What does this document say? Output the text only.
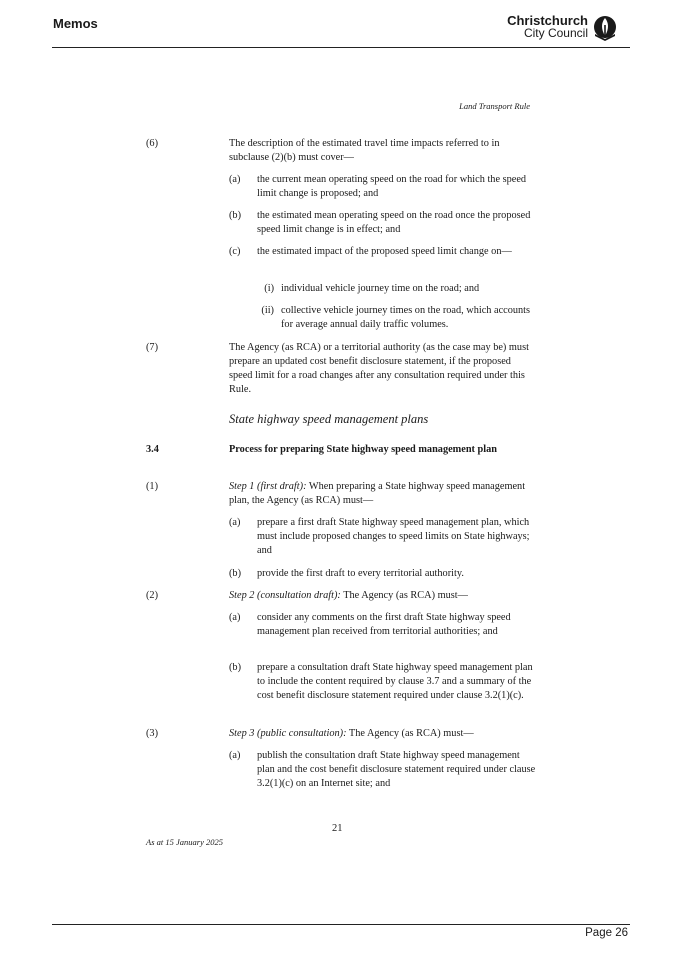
Memos	Christchurch
City Council
Land Transport Rule
(6)	The description of the estimated travel time impacts referred to in subclause (2)(b) must cover—
(a) the current mean operating speed on the road for which the speed limit change is proposed; and
(b) the estimated mean operating speed on the road once the proposed speed limit change is in effect; and
(c) the estimated impact of the proposed speed limit change on—
(i) individual vehicle journey time on the road; and
(ii) collective vehicle journey times on the road, which accounts for average annual daily traffic volumes.
(7)	The Agency (as RCA) or a territorial authority (as the case may be) must prepare an updated cost benefit disclosure statement, if the proposed speed limit for a road changes after any consultation required under this Rule.
State highway speed management plans
3.4	Process for preparing State highway speed management plan
(1)	Step 1 (first draft): When preparing a State highway speed management plan, the Agency (as RCA) must—
(a) prepare a first draft State highway speed management plan, which must include proposed changes to speed limits on State highways; and
(b) provide the first draft to every territorial authority.
(2)	Step 2 (consultation draft): The Agency (as RCA) must—
(a) consider any comments on the first draft State highway speed management plan received from territorial authorities; and
(b) prepare a consultation draft State highway speed management plan to include the content required by clause 3.7 and a summary of the cost benefit disclosure statement required under clause 3.2(1)(c).
(3)	Step 3 (public consultation): The Agency (as RCA) must—
(a) publish the consultation draft State highway speed management plan and the cost benefit disclosure statement required under clause 3.2(1)(c) on an Internet site; and
21
As at 15 January 2025
Page 26
